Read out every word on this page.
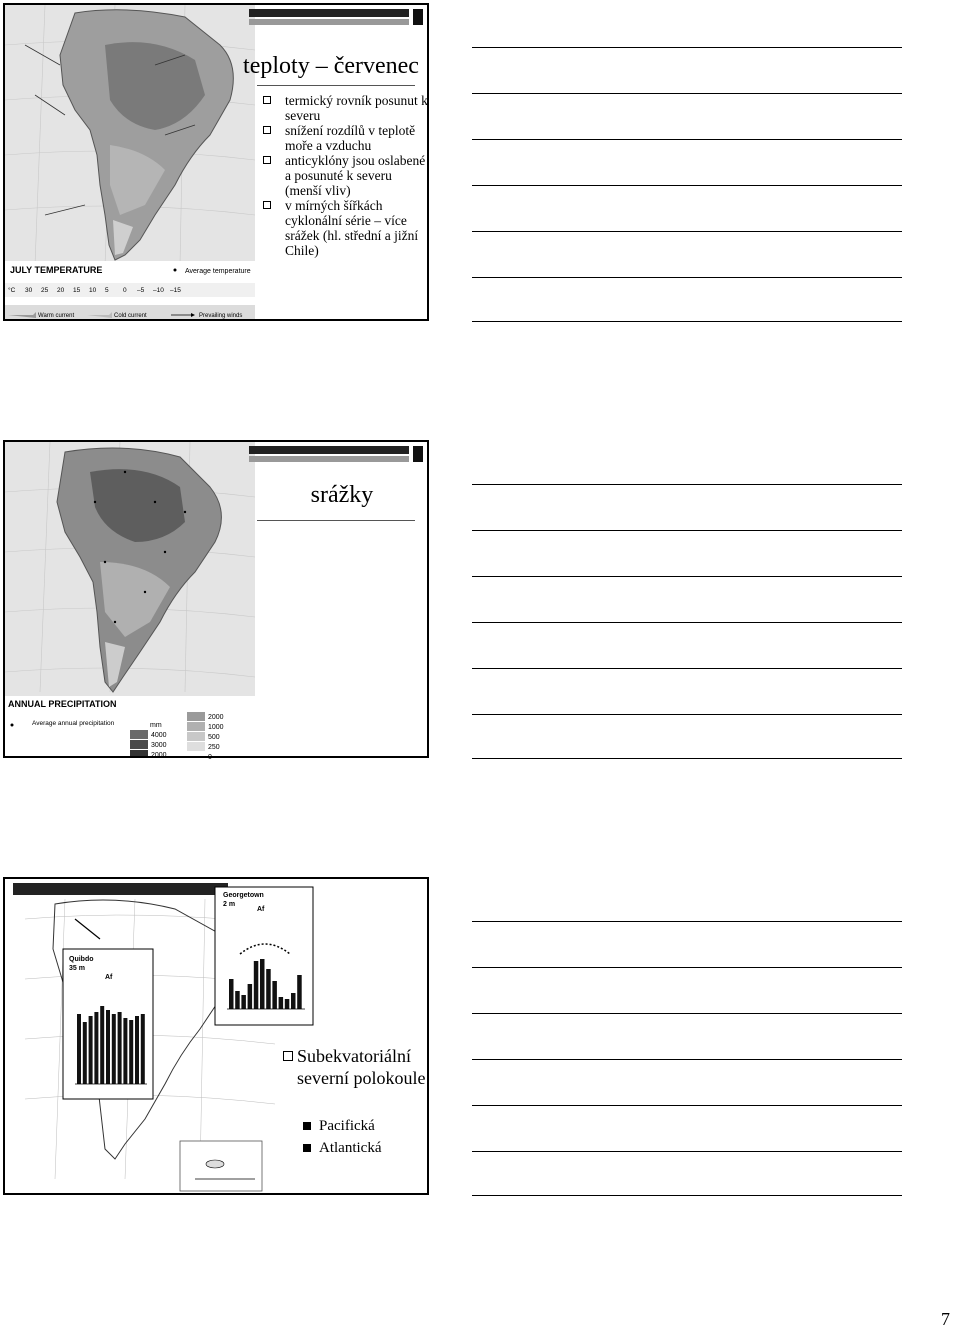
JULY TEMPERATURE	Average temperature
°C 30 25 20 15 10 5 0 –5 –10 –15
Warm current	Cold current	Prevailing winds
teploty – červenec
termický rovník posunut k severu
snížení rozdílů v teplotě moře a vzduchu
anticyklóny jsou oslabené a posunuté k severu (menší vliv)
v mírných šířkách cyklonální série – více srážek (hl. střední a jižní Chile)
ANNUAL PRECIPITATION
Average annual precipitation	mm
4000
3000
2000
2000
1000
500
250
0
srážky
Quibdo
35 m
Af
Georgetown
2 m
Af
Subekvatoriální severní polokoule
Pacifická
Atlantická
7
